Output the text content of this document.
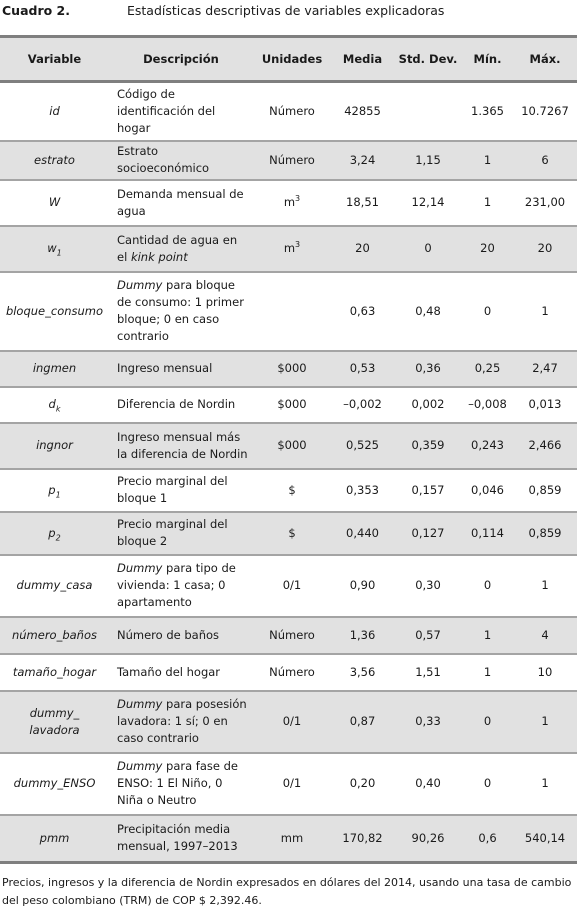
Cuadro 2.	Estadísticas descriptivas de variables explicadoras
Variable	Descripción	Unidades	Media	Std. Dev.	Mín.	Máx.
id	Código de identificación del hogar	Número	42855		1.365	10.7267
estrato	Estrato socioeconómico	Número	3,24	1,15	1	6
W	Demanda mensual de agua	$m^3$	18,51	12,14	1	231,00
$w_1$	Cantidad de agua en el kink point	$m^3$	20	0	20	20
bloque_consumo	Dummy para bloque de consumo: 1 primer bloque; 0 en caso contrario		0,63	0,48	0	1
ingmen	Ingreso mensual	$000	0,53	0,36	0,25	2,47
$d_k$	Diferencia de Nordin	$000	–0,002	0,002	–0,008	0,013
ingnor	Ingreso mensual más la diferencia de Nordin	$000	0,525	0,359	0,243	2,466
$p_1$	Precio marginal del bloque 1	$	0,353	0,157	0,046	0,859
$p_2$	Precio marginal del bloque 2	$	0,440	0,127	0,114	0,859
dummy_casa	Dummy para tipo de vivienda: 1 casa; 0 apartamento	0/1	0,90	0,30	0	1
número_baños	Número de baños	Número	1,36	0,57	1	4
tamaño_hogar	Tamaño del hogar	Número	3,56	1,51	1	10
dummy_ lavadora	Dummy para posesión lavadora: 1 sí; 0 en caso contrario	0/1	0,87	0,33	0	1
dummy_ENSO	Dummy para fase de ENSO: 1 El Niño, 0 Niña o Neutro	0/1	0,20	0,40	0	1
pmm	Precipitación media mensual, 1997–2013	mm	170,82	90,26	0,6	540,14
Precios, ingresos y la diferencia de Nordin expresados en dólares del 2014, usando una tasa de cambio del peso colombiano (TRM) de COP $ 2,392.46.
